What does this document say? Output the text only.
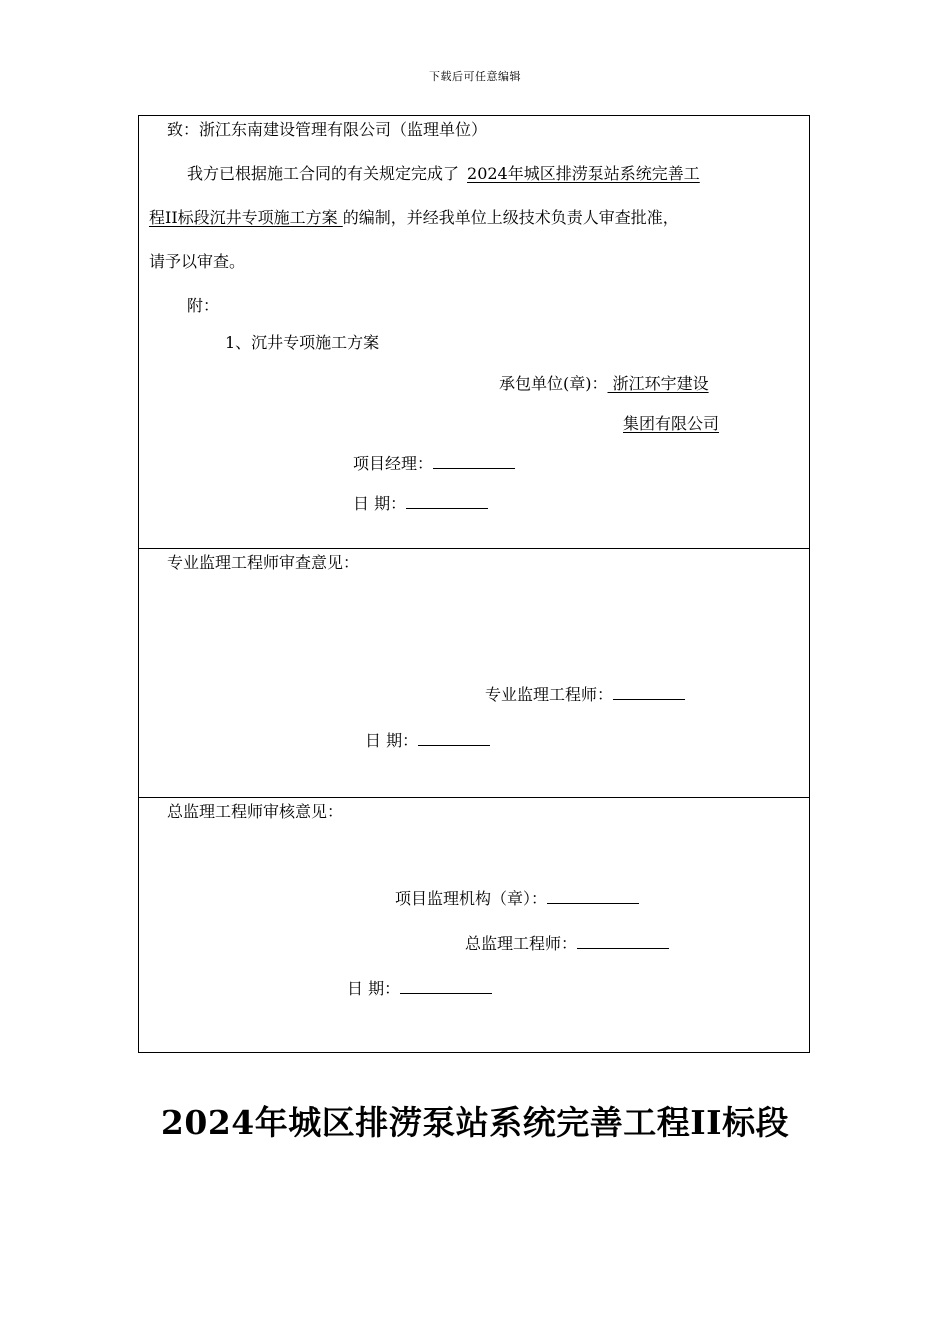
下载后可任意编辑
致：浙江东南建设管理有限公司（监理单位）
我方已根据施工合同的有关规定完成了 2024年城区排涝泵站系统完善工
程II标段沉井专项施工方案 的编制，并经我单位上级技术负责人审查批准，
请予以审查。
附：
1、沉井专项施工方案
承包单位(章)： 浙江环宇建设
集团有限公司
项目经理：
日 期：
专业监理工程师审查意见：
专业监理工程师：
日 期：
总监理工程师审核意见：
项目监理机构（章）：
总监理工程师：
日 期：
2024年城区排涝泵站系统完善工程II标段
